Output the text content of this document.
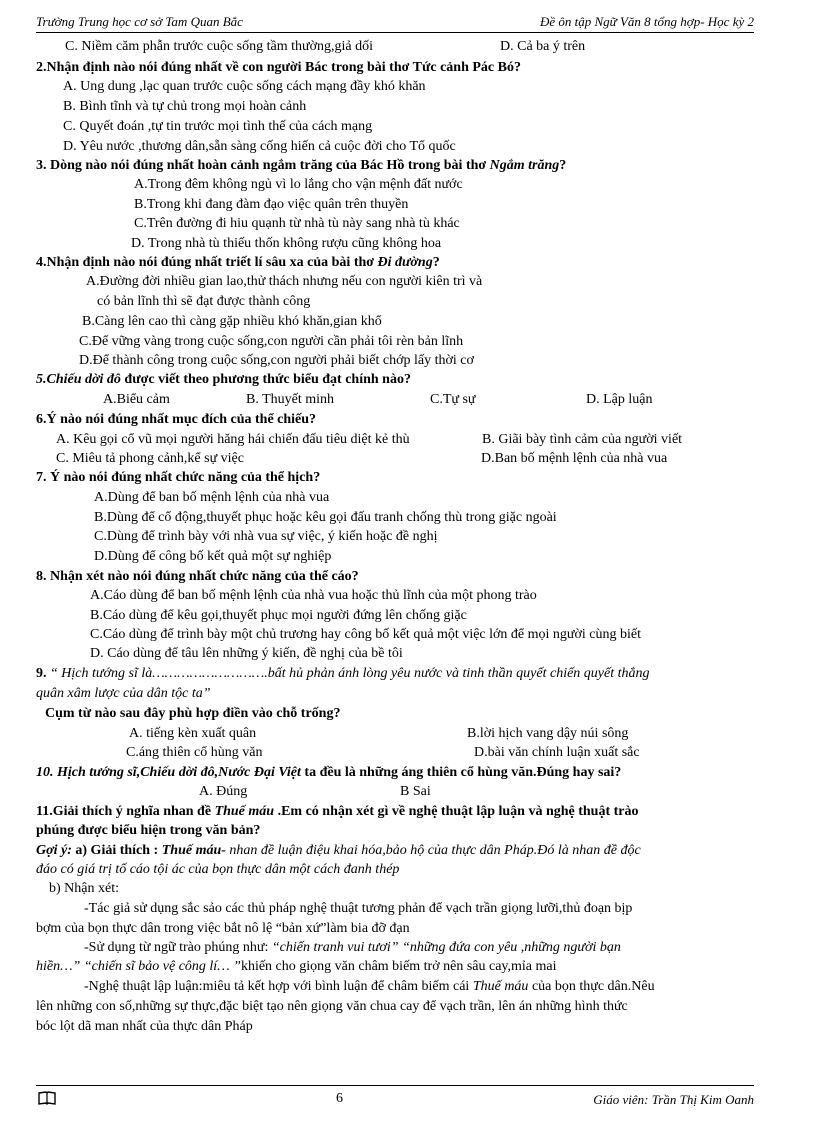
Trường Trung học cơ sở Tam Quan Bắc	Đề ôn tập Ngữ Văn 8 tổng hợp- Học kỳ 2
C. Niềm căm phẫn trước cuộc sống tầm thường,giả dối	D. Cả ba ý trên
2.Nhận định nào nói đúng nhất về con người Bác trong bài thơ Tức cảnh Pác Bó?
A. Ung dung ,lạc quan trước cuộc sống cách mạng đầy khó khăn
B. Bình tĩnh và tự chủ trong mọi hoàn cảnh
C. Quyết đoán ,tự tin trước mọi tình thế của cách mạng
D. Yêu nước ,thương dân,sẵn sàng cống hiến cả cuộc đời cho Tổ quốc
3. Dòng nào nói đúng nhất hoàn cảnh ngắm trăng của Bác Hồ trong bài thơ Ngắm trăng?
A.Trong đêm không ngủ vì lo lắng cho vận mệnh đất nước
B.Trong khi đang đàm đạo việc quân trên thuyền
C.Trên đường đi hiu quạnh từ nhà tù này sang nhà tù khác
D. Trong nhà tù thiếu thốn không rượu cũng không hoa
4.Nhận định nào nói đúng nhất triết lí sâu xa của bài thơ Đi đường?
A.Đường đời nhiều gian lao,thử thách nhưng nếu con người kiên trì và
có bản lĩnh thì sẽ đạt được thành công
B.Càng lên cao thì càng gặp nhiều khó khăn,gian khổ
C.Để vững vàng trong cuộc sống,con người cần phải tôi rèn bản lĩnh
D.Để thành công trong cuộc sống,con người phải biết chớp lấy thời cơ
5.Chiếu dời đô được viết theo phương thức biểu đạt chính nào?
A.Biểu cảm	B. Thuyết minh	C.Tự sự	D. Lập luận
6.Ý nào nói đúng nhất mục đích của thể chiếu?
A. Kêu gọi cổ vũ mọi người hăng hái chiến đấu tiêu diệt kẻ thù	B. Giãi bày tình cảm của người viết
C. Miêu tả phong cảnh,kể sự việc	D.Ban bố mệnh lệnh của nhà vua
7. Ý nào nói đúng nhất chức năng của thể hịch?
A.Dùng để ban bố mệnh lệnh của nhà vua
B.Dùng để cổ động,thuyết phục hoặc kêu gọi đấu tranh chống thù trong giặc ngoài
C.Dùng để trình bày với nhà vua sự việc, ý kiến hoặc đề nghị
D.Dùng để công bố kết quả một sự nghiệp
8. Nhận xét nào nói đúng nhất chức năng của thể cáo?
A.Cáo dùng để ban bố mệnh lệnh của nhà vua hoặc thủ lĩnh của một phong trào
B.Cáo dùng để kêu gọi,thuyết phục mọi người đứng lên chống giặc
C.Cáo dùng để trình bày một chủ trương hay công bố kết quả một việc lớn để mọi người cùng biết
D. Cáo dùng để tâu lên những ý kiến, đề nghị của bề tôi
9. “ Hịch tướng sĩ là……………………….bất hủ phản ánh lòng yêu nước và tinh thần quyết chiến quyết thắng
quân xâm lược của dân tộc ta”
Cụm từ nào sau đây phù hợp điền vào chỗ trống?
A. tiếng kèn xuất quân	B.lời hịch vang dậy núi sông
C.áng thiên cổ hùng văn	D.bài văn chính luận xuất sắc
10. Hịch tướng sĩ,Chiếu dời đô,Nước Đại Việt ta đều là những áng thiên cổ hùng văn.Đúng hay sai?
A. Đúng	B Sai
11.Giải thích ý nghĩa nhan đề Thuế máu .Em có nhận xét gì về nghệ thuật lập luận và nghệ thuật trào
phúng được biểu hiện trong văn bản?
Gợi ý: a) Giải thích : Thuế máu- nhan đề luận điệu khai hóa,bảo hộ của thực dân Pháp.Đó là nhan đề độc
đáo có giá trị tố cáo tội ác của bọn thực dân một cách đanh thép
b) Nhận xét:
-Tác giả sử dụng sắc sảo các thủ pháp nghệ thuật tương phản để vạch trần giọng lưỡi,thủ đoạn bịp
bợm của bọn thực dân trong việc bắt nô lệ “bản xứ”làm bia đỡ đạn
-Sử dụng từ ngữ trào phúng như: “chiến tranh vui tươi” “những đứa con yêu ,những người bạn
hiền…” “chiến sĩ bảo vệ công lí… ”khiến cho giọng văn châm biếm trở nên sâu cay,mỉa mai
-Nghệ thuật lập luận:miêu tả kết hợp với bình luận để châm biếm cái Thuế máu của bọn thực dân.Nêu
lên những con số,những sự thực,đặc biệt tạo nên giọng văn chua cay để vạch trần, lên án những hình thức
bóc lột dã man nhất của thực dân Pháp
6	Giáo viên: Trần Thị Kim Oanh
